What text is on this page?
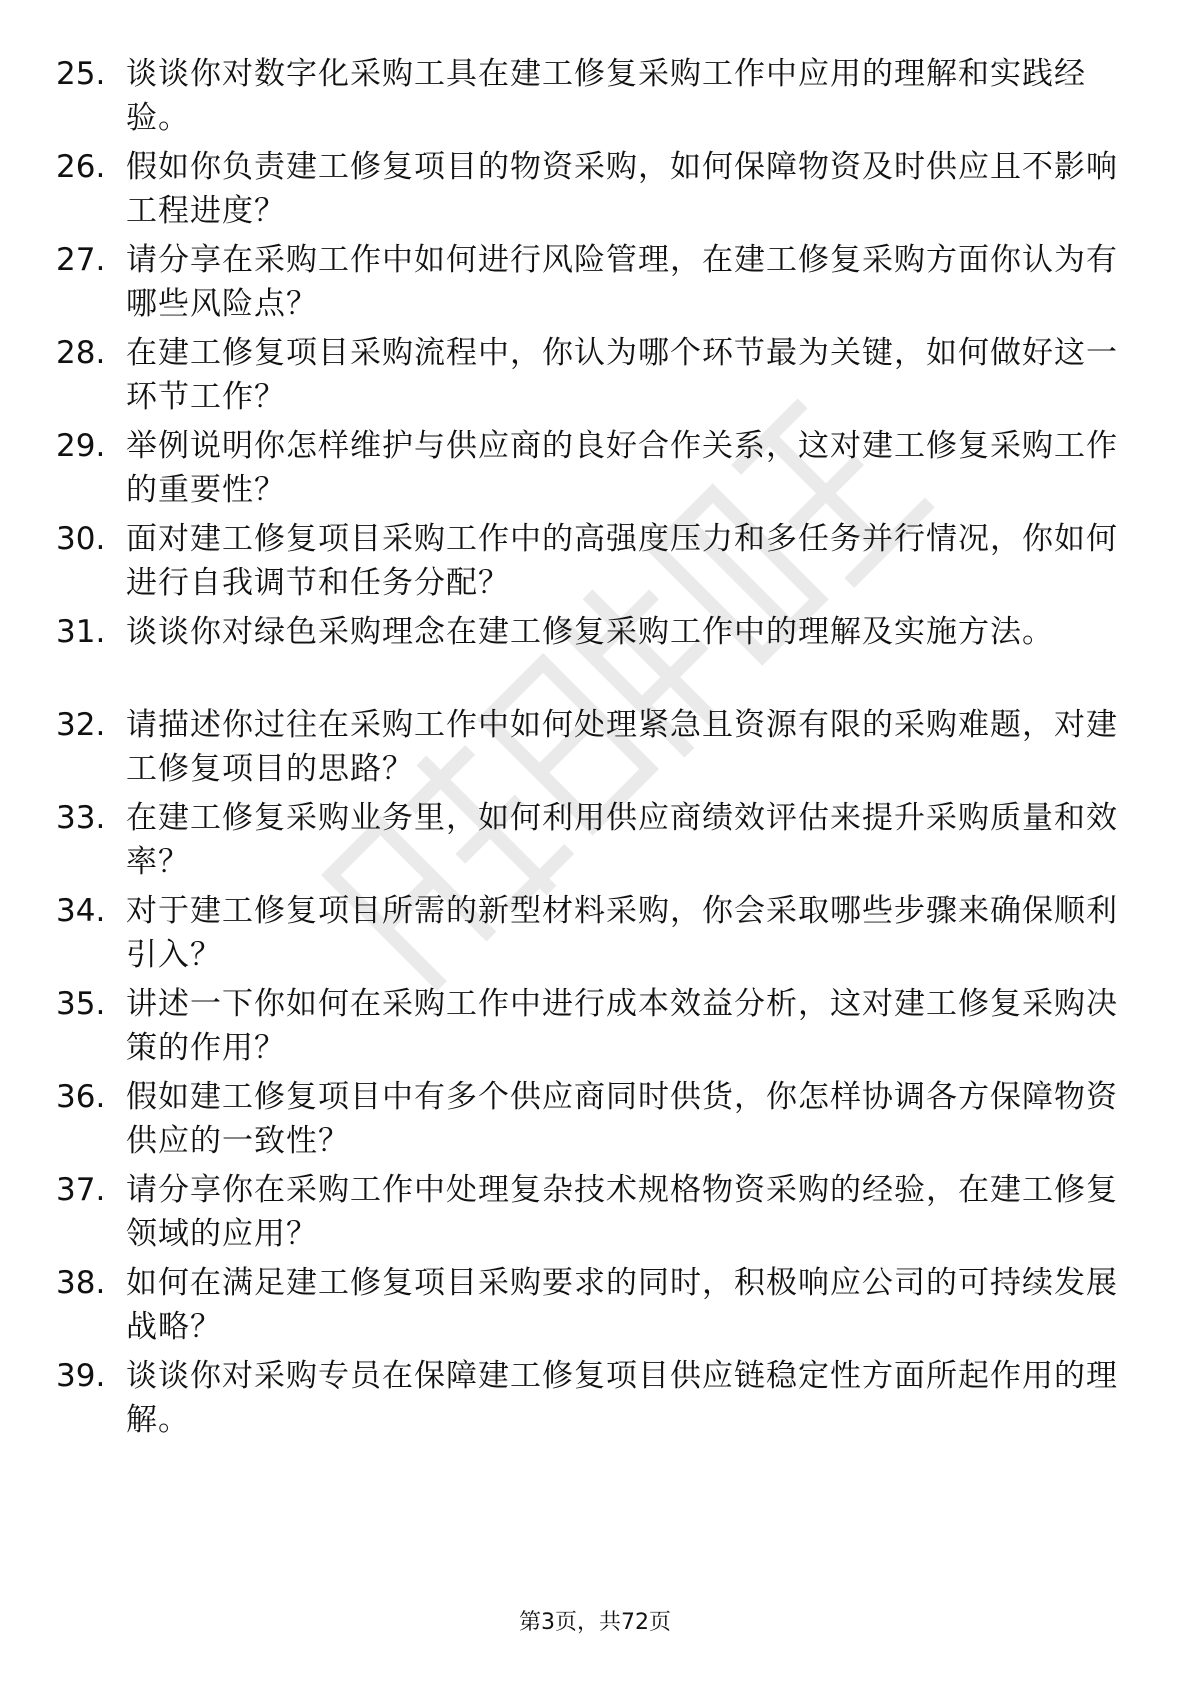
25. 谈谈你对数字化采购工具在建工修复采购工作中应用的理解和实践经验。
26. 假如你负责建工修复项目的物资采购，如何保障物资及时供应且不影响工程进度？
27. 请分享在采购工作中如何进行风险管理，在建工修复采购方面你认为有哪些风险点？
28. 在建工修复项目采购流程中，你认为哪个环节最为关键，如何做好这一环节工作？
29. 举例说明你怎样维护与供应商的良好合作关系，这对建工修复采购工作的重要性？
30. 面对建工修复项目采购工作中的高强度压力和多任务并行情况，你如何进行自我调节和任务分配？
31. 谈谈你对绿色采购理念在建工修复采购工作中的理解及实施方法。
32. 请描述你过往在采购工作中如何处理紧急且资源有限的采购难题，对建工修复项目的思路？
33. 在建工修复采购业务里，如何利用供应商绩效评估来提升采购质量和效率？
34. 对于建工修复项目所需的新型材料采购，你会采取哪些步骤来确保顺利引入？
35. 讲述一下你如何在采购工作中进行成本效益分析，这对建工修复采购决策的作用？
36. 假如建工修复项目中有多个供应商同时供货，你怎样协调各方保障物资供应的一致性？
37. 请分享你在采购工作中处理复杂技术规格物资采购的经验，在建工修复领域的应用？
38. 如何在满足建工修复项目采购要求的同时，积极响应公司的可持续发展战略？
39. 谈谈你对采购专员在保障建工修复项目供应链稳定性方面所起作用的理解。
第3页，共72页
